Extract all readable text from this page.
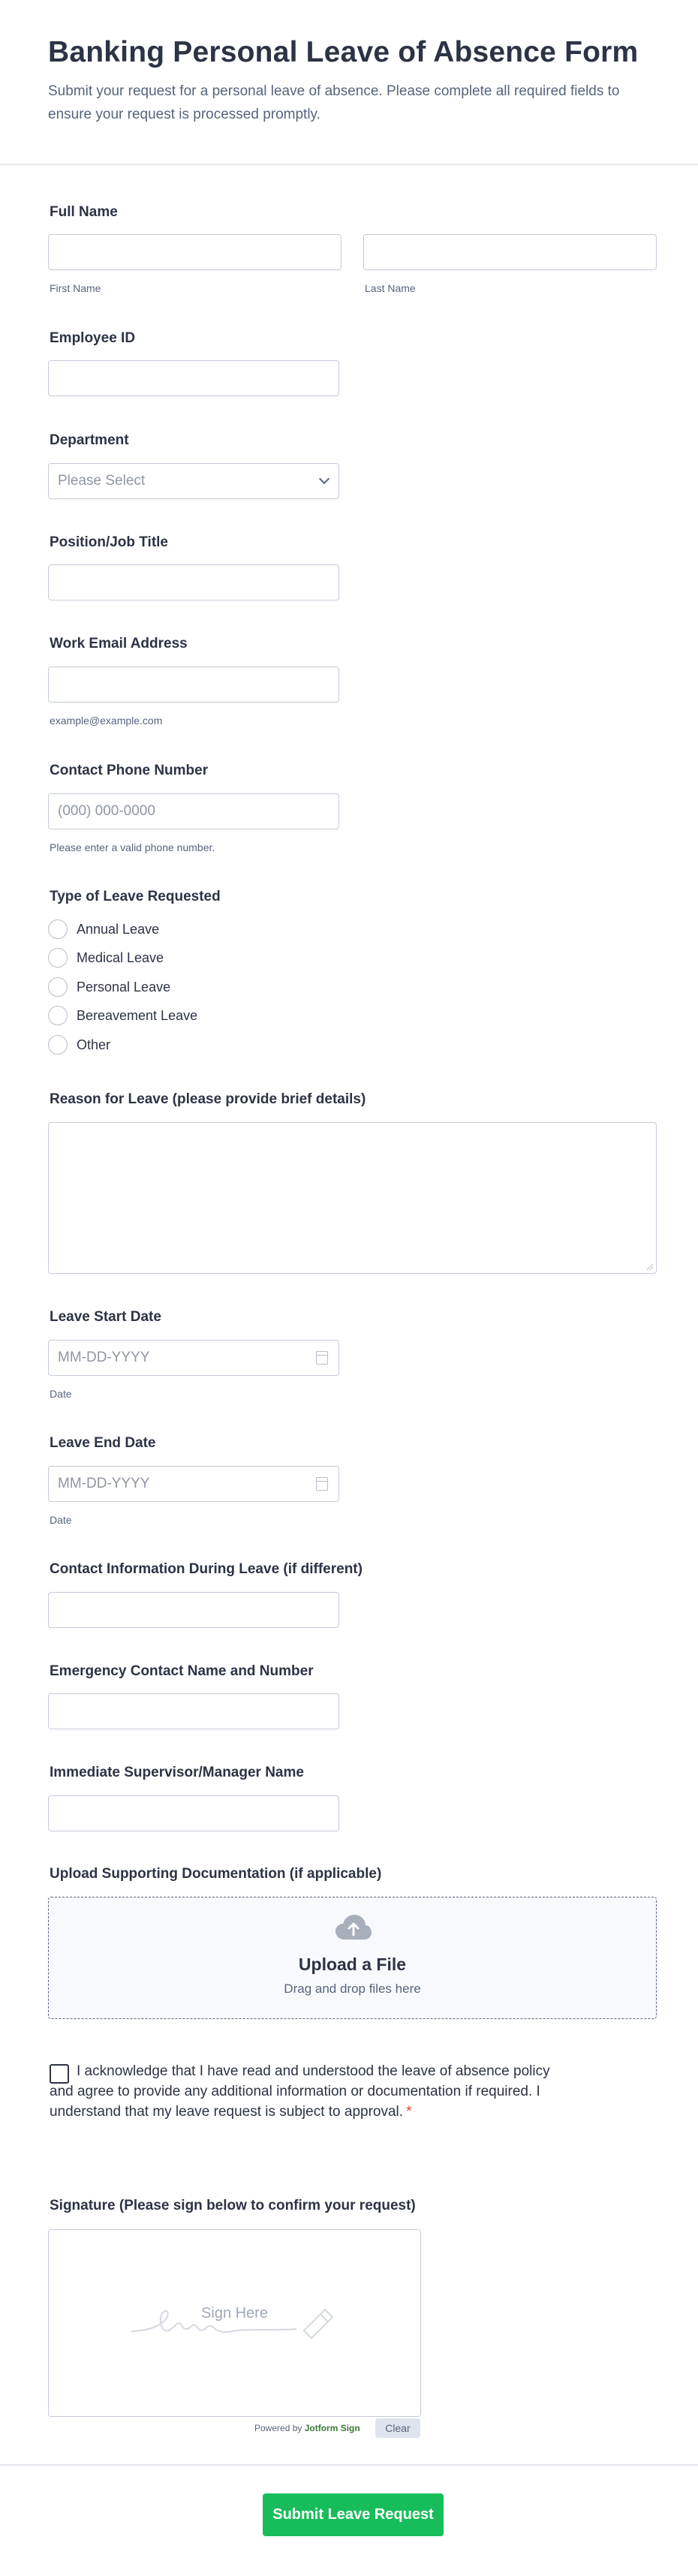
Banking Personal Leave of Absence Form
Submit your request for a personal leave of absence. Please complete all required fields to ensure your request is processed promptly.
Full Name
First Name	Last Name
Employee ID
Department
Please Select
Position/Job Title
Work Email Address
example@example.com
Contact Phone Number
(000) 000-0000
Please enter a valid phone number.
Type of Leave Requested
Annual Leave
Medical Leave
Personal Leave
Bereavement Leave
Other
Reason for Leave (please provide brief details)
Leave Start Date
MM-DD-YYYY
Date
Leave End Date
MM-DD-YYYY
Date
Contact Information During Leave (if different)
Emergency Contact Name and Number
Immediate Supervisor/Manager Name
Upload Supporting Documentation (if applicable)
Upload a File
Drag and drop files here
I acknowledge that I have read and understood the leave of absence policy and agree to provide any additional information or documentation if required. I understand that my leave request is subject to approval. *
Signature (Please sign below to confirm your request)
Sign Here
Powered by Jotform Sign	Clear
Submit Leave Request
